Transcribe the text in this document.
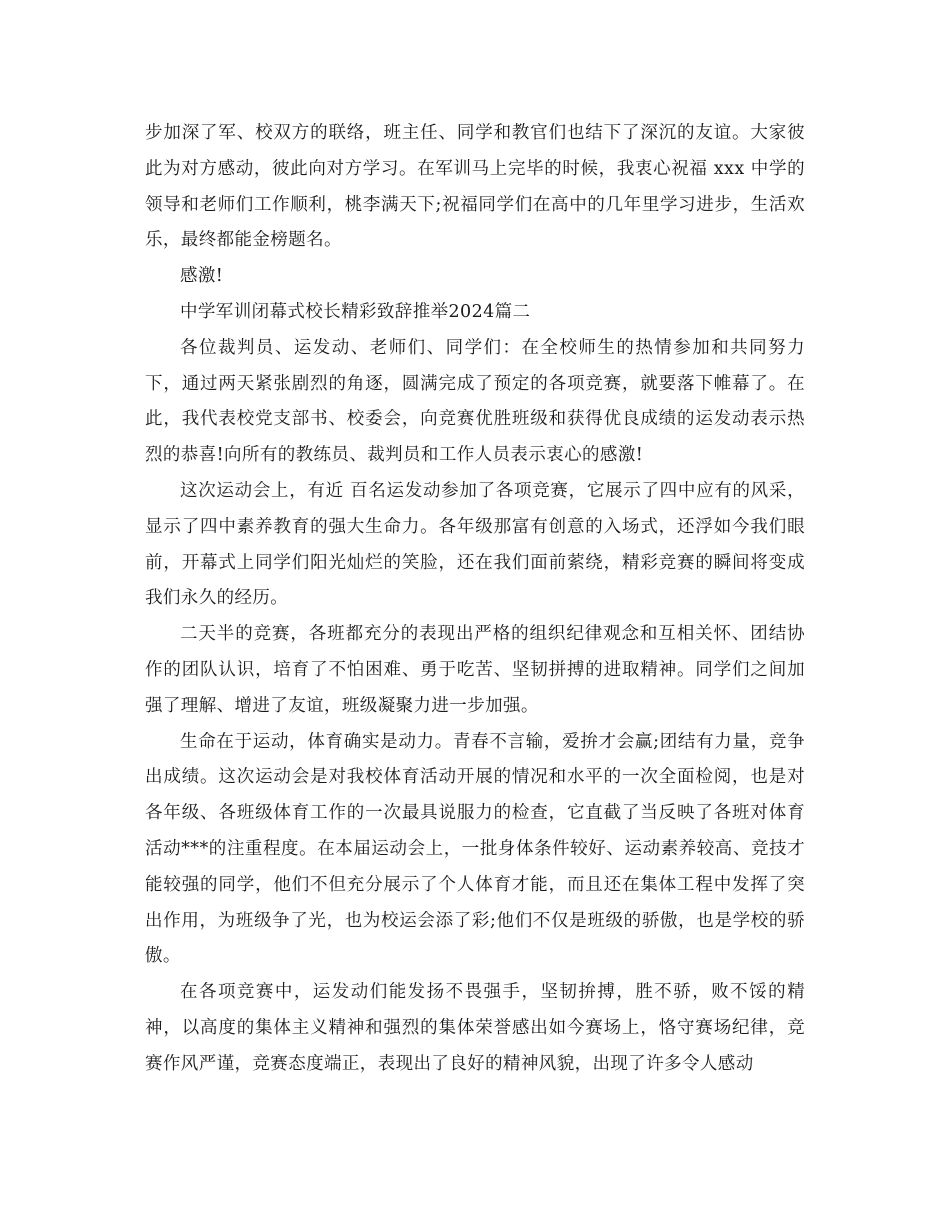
步加深了军、校双方的联络，班主任、同学和教官们也结下了深沉的友谊。大家彼此为对方感动，彼此向对方学习。在军训马上完毕的时候，我衷心祝福 xxx 中学的领导和老师们工作顺利，桃李满天下;祝福同学们在高中的几年里学习进步，生活欢乐，最终都能金榜题名。

感激!

中学军训闭幕式校长精彩致辞推举2024篇二

各位裁判员、运发动、老师们、同学们：在全校师生的热情参加和共同努力下，通过两天紧张剧烈的角逐，圆满完成了预定的各项竞赛，就要落下帷幕了。在此，我代表校党支部书、校委会，向竞赛优胜班级和获得优良成绩的运发动表示热烈的恭喜!向所有的教练员、裁判员和工作人员表示衷心的感激!

这次运动会上，有近 百名运发动参加了各项竞赛，它展示了四中应有的风采，显示了四中素养教育的强大生命力。各年级那富有创意的入场式，还浮如今我们眼前，开幕式上同学们阳光灿烂的笑脸，还在我们面前萦绕，精彩竞赛的瞬间将变成我们永久的经历。

二天半的竞赛，各班都充分的表现出严格的组织纪律观念和互相关怀、团结协作的团队认识，培育了不怕困难、勇于吃苦、坚韧拼搏的进取精神。同学们之间加强了理解、增进了友谊，班级凝聚力进一步加强。

生命在于运动，体育确实是动力。青春不言输，爱拚才会赢;团结有力量，竞争出成绩。这次运动会是对我校体育活动开展的情况和水平的一次全面检阅，也是对各年级、各班级体育工作的一次最具说服力的检查，它直截了当反映了各班对体育活动***的注重程度。在本届运动会上，一批身体条件较好、运动素养较高、竞技才能较强的同学，他们不但充分展示了个人体育才能，而且还在集体工程中发挥了突出作用，为班级争了光，也为校运会添了彩;他们不仅是班级的骄傲，也是学校的骄傲。

在各项竞赛中，运发动们能发扬不畏强手，坚韧拚搏，胜不骄，败不馁的精神，以高度的集体主义精神和强烈的集体荣誉感出如今赛场上，恪守赛场纪律，竞赛作风严谨，竞赛态度端正，表现出了良好的精神风貌，出现了许多令人感动
